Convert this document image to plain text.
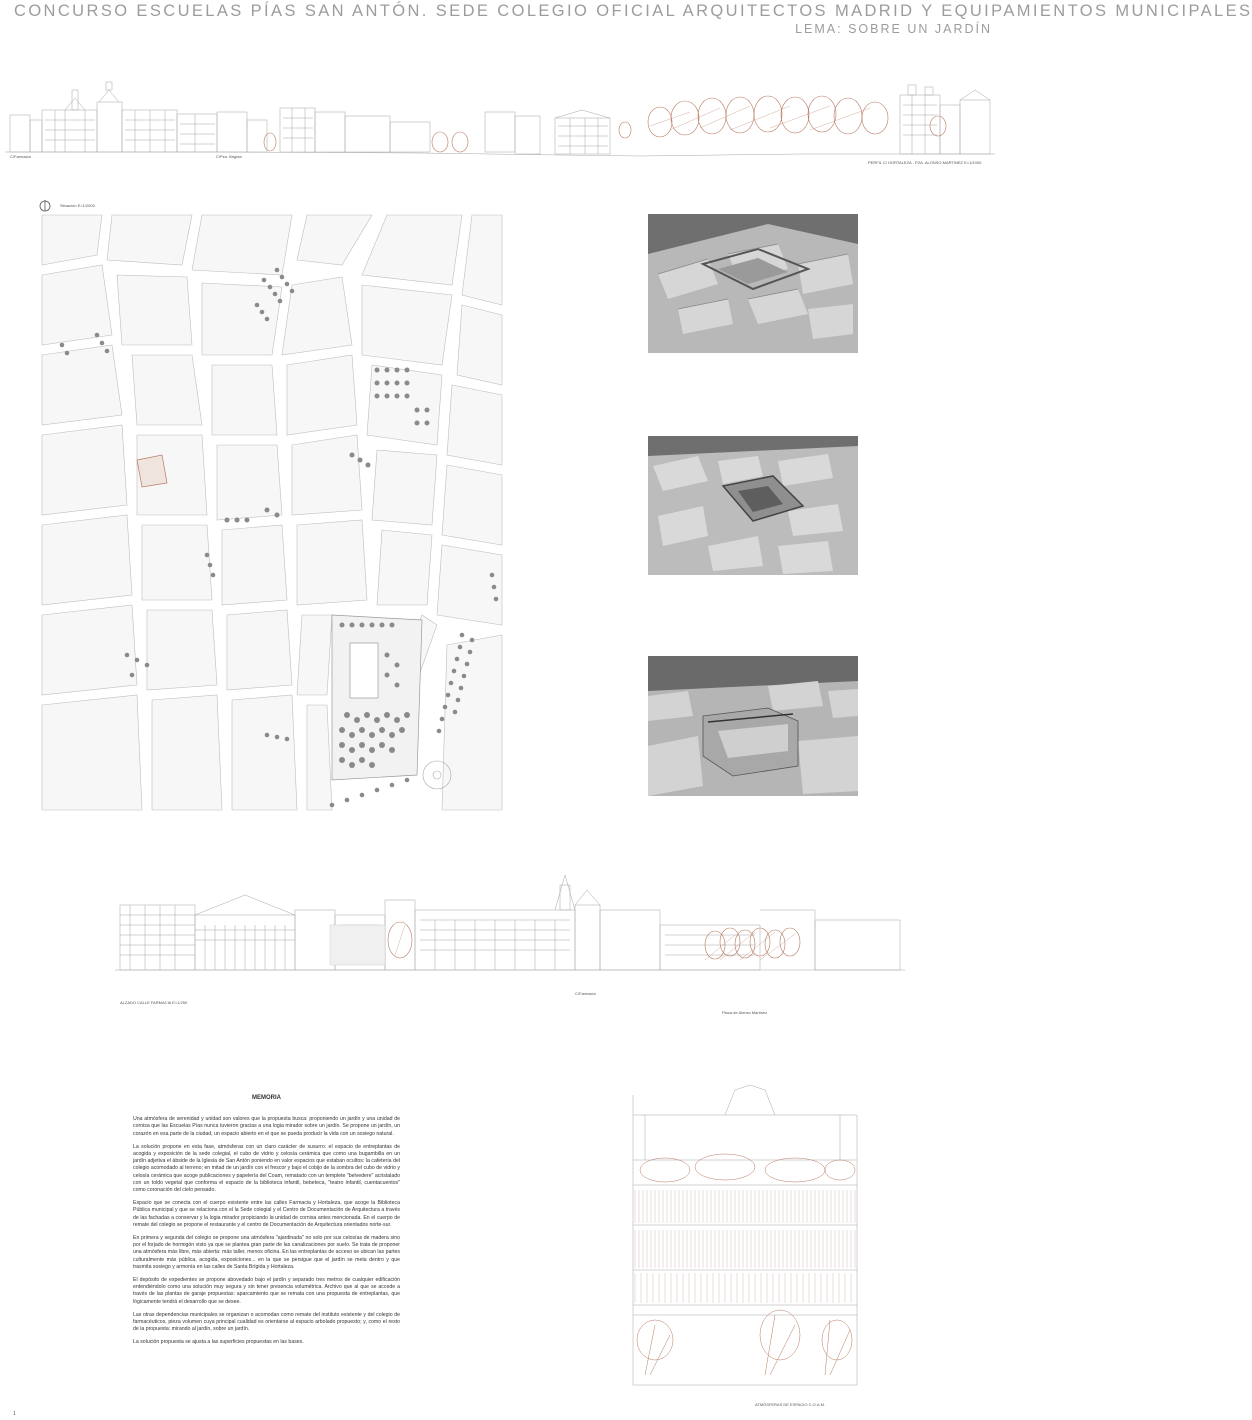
CONCURSO ESCUELAS PÍAS SAN ANTÓN. SEDE COLEGIO OFICIAL ARQUITECTOS MADRID Y EQUIPAMIENTOS MUNICIPALES
LEMA: SOBRE UN JARDÍN
C/Farmacia	C/Pza. Brigida
PERFIL C/ HORTALEZA - PZA. ALONSO MARTINEZ E=1/1000
Situación E=1/2000
ALZADO CALLE FARMACIA E=1/250
C/Farmacia
Plaza de Alonso Martinez
MEMORIA

Una atmósfera de serenidad y unidad son valores que la propuesta busca: proponiendo un jardín y una unidad de cornisa que las Escuelas Pías nunca tuvieron gracias a una logia mirador sobre un jardín. Se propone un jardín, un corazón en esa parte de la ciudad, un espacio abierto en el que se pueda producir la vida con un sosiego natural.

La solución propone en esta fase, atmósferas con un claro carácter de susurro: el espacio de entreplantas de acogida y exposición de la sede colegial, el cubo de vidrio y celosía cerámica que como una bugambilla en un jardín adjetiva el ábside de la Iglesia de San Antón poniendo en valor espacios que estaban ocultos: la cafetería del colegio acomodado al terreno; en mitad de un jardín con el frescor y bajo el cobijo de la sombra del cubo de vidrio y celosía cerámica que acoge publicaciones y papelería del Coam, rematado con un templete "belvedere" acristalado con un toldo vegetal que conforma el espacio de la biblioteca infantil, bebeteca, "teatro infantil, cuentacuentos" como coronación del cielo pensado.

Espacio que se conecta con el cuerpo existente entre las calles Farmacia y Hortaleza, que acoge la Biblioteca Pública municipal y que se relaciona con el la Sede colegial y el Centro de Documentación de Arquitectura a través de las fachadas a conservar y la logia mirador propiciando la unidad de cornisa antes mencionada. En el cuerpo de remate del colegio se propone el restaurante y el centro de Documentación de Arquitectura orientados norte-sur.

En primera y segunda del colegio se propone una atmósfera "ajardinada" no solo por sus celosías de madera sino por el forjado de hormigón visto ya que se plantea gran parte de las canalizaciones por suelo. Se trata de proponer una atmósfera más libre, más abierta: más taller, menos oficina. En las entreplantas de acceso se ubican las partes culturalmente más pública, acogida, exposiciones... en la que se persigue que el jardín se meta dentro y que trasmita sosiego y armonía en las calles de Santa Brígida y Hortaleza.

El depósito de expedientes se propone abovedado bajo el jardín y separado tres metros de cualquier edificación entendiéndolo como una solución muy segura y sin tener presencia volumétrica. Archivo que al que se accede a través de las plantas de garaje propuestas: aparcamiento que se remata con una propuesta de entreplantas, que lógicamente tendrá el desarrollo que se desee.

Las otras dependencias municipales se organizan o acomodan como remate del instituto existente y del colegio de farmacéuticos, pieza volumen cuya principal cualidad es orientarse al espacio arbolado propuesto; y, como el resto de la propuesta: mirando al jardín, sobre un jardín.

La solución propuesta se ajusta a las superficies propuestas en las bases.

ATMÓSFERAS DE ESPACIO C.O.A.M.
1
